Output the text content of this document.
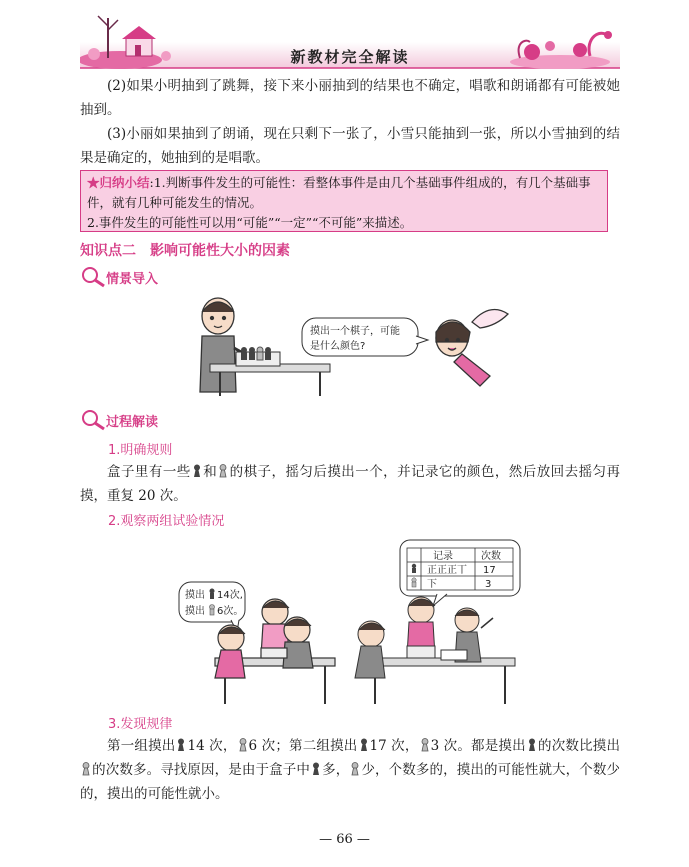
新教材完全解读

(2)如果小明抽到了跳舞，接下来小丽抽到的结果也不确定，唱歌和朗诵都有可能被她抽到。

(3)小丽如果抽到了朗诵，现在只剩下一张了，小雪只能抽到一张，所以小雪抽到的结果是确定的，她抽到的是唱歌。

★归纳小结:1.判断事件发生的可能性：看整体事件是由几个基础事件组成的，有几个基础事件，就有几种可能发生的情况。
2.事件发生的可能性可以用“可能”“一定”“不可能”来描述。
知识点二　影响可能性大小的因素
情景导入
摸出一个棋子，可能
是什么颜色?
过程解读
1.明确规则

盒子里有一些 和 的棋子，摇匀后摸出一个，并记录它的颜色，然后放回去摇匀再摸，重复 20 次。

2.观察两组试验情况
摸出 14次,
摸出 6次。
记录	次数
正正正丅 17
下	3
3.发现规律

第一组摸出 14 次， 6 次；第二组摸出 17 次， 3 次。都是摸出 的次数比摸出的次数多。寻找原因，是由于盒子中 多， 少，个数多的，摸出的可能性就大，个数少的，摸出的可能性就小。

— 66 —
